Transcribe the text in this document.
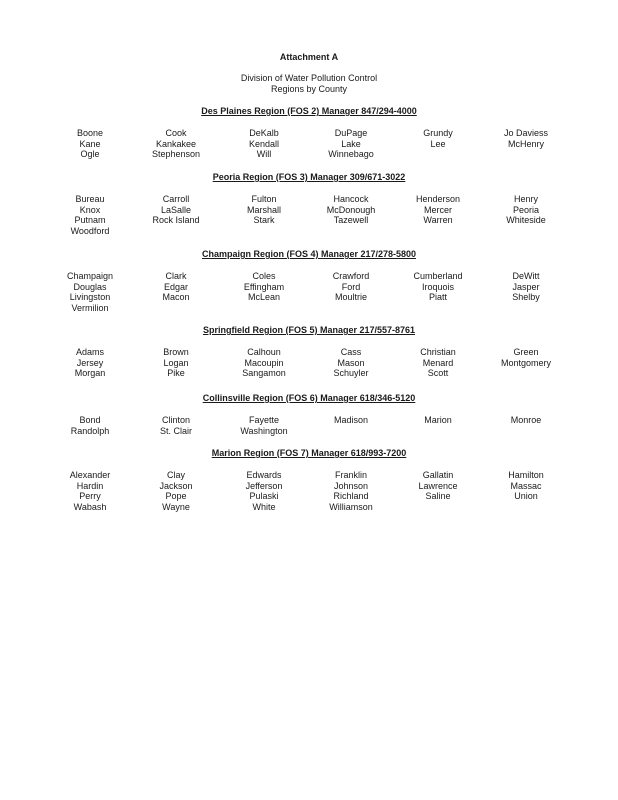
Attachment A
Division of Water Pollution Control
Regions by County
Des Plaines Region (FOS 2) Manager 847/294-4000
Boone
Kane
Ogle
Cook
Kankakee
Stephenson
DeKalb
Kendall
Will
DuPage
Lake
Winnebago
Grundy
Lee
Jo Daviess
McHenry
Peoria Region (FOS 3) Manager 309/671-3022
Bureau
Knox
Putnam
Woodford
Carroll
LaSalle
Rock Island
Fulton
Marshall
Stark
Hancock
McDonough
Tazewell
Henderson
Mercer
Warren
Henry
Peoria
Whiteside
Champaign Region (FOS 4) Manager 217/278-5800
Champaign
Douglas
Livingston
Vermilion
Clark
Edgar
Macon
Coles
Effingham
McLean
Crawford
Ford
Moultrie
Cumberland
Iroquois
Piatt
DeWitt
Jasper
Shelby
Springfield Region (FOS 5) Manager 217/557-8761
Adams
Jersey
Morgan
Brown
Logan
Pike
Calhoun
Macoupin
Sangamon
Cass
Mason
Schuyler
Christian
Menard
Scott
Green
Montgomery
Collinsville Region (FOS 6) Manager 618/346-5120
Bond
Randolph
Clinton
St. Clair
Fayette
Washington
Madison	Marion	Monroe
Marion Region (FOS 7) Manager 618/993-7200
Alexander
Hardin
Perry
Wabash
Clay
Jackson
Pope
Wayne
Edwards
Jefferson
Pulaski
White
Franklin
Johnson
Richland
Williamson
Gallatin
Lawrence
Saline
Hamilton
Massac
Union
